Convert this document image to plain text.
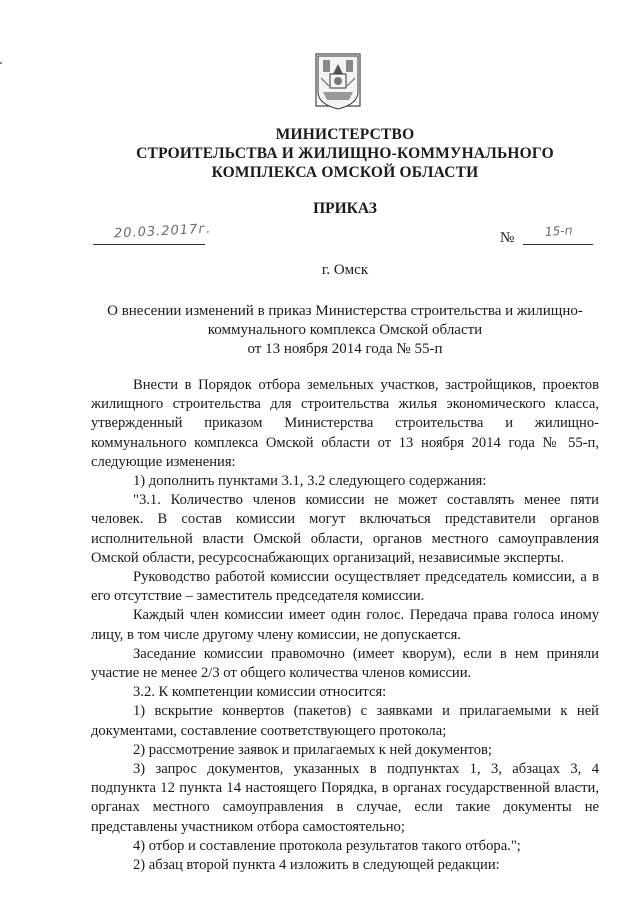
МИНИСТЕРСТВО
СТРОИТЕЛЬСТВА И ЖИЛИЩНО-КОММУНАЛЬНОГО
КОМПЛЕКСА ОМСКОЙ ОБЛАСТИ
ПРИКАЗ
20.03.2017г.	№	15-п
г. Омск
О внесении изменений в приказ Министерства строительства и жилищно-
коммунального комплекса Омской области
от 13 ноября 2014 года № 55-п

Внести в Порядок отбора земельных участков, застройщиков, проектов жилищного строительства для строительства жилья экономического класса, утвержденный приказом Министерства строительства и жилищно-коммунального комплекса Омской области от 13 ноября 2014 года № 55-п, следующие изменения:

1) дополнить пунктами 3.1, 3.2 следующего содержания:

"3.1. Количество членов комиссии не может составлять менее пяти человек. В состав комиссии могут включаться представители органов исполнительной власти Омской области, органов местного самоуправления Омской области, ресурсоснабжающих организаций, независимые эксперты.

Руководство работой комиссии осуществляет председатель комиссии, а в его отсутствие – заместитель председателя комиссии.

Каждый член комиссии имеет один голос. Передача права голоса иному лицу, в том числе другому члену комиссии, не допускается.

Заседание комиссии правомочно (имеет кворум), если в нем приняли участие не менее 2/3 от общего количества членов комиссии.

3.2. К компетенции комиссии относится:

1) вскрытие конвертов (пакетов) с заявками и прилагаемыми к ней документами, составление соответствующего протокола;

2) рассмотрение заявок и прилагаемых к ней документов;

3) запрос документов, указанных в подпунктах 1, 3, абзацах 3, 4 подпункта 12 пункта 14 настоящего Порядка, в органах государственной власти, органах местного самоуправления в случае, если такие документы не представлены участником отбора самостоятельно;

4) отбор и составление протокола результатов такого отбора.";

2) абзац второй пункта 4 изложить в следующей редакции:
